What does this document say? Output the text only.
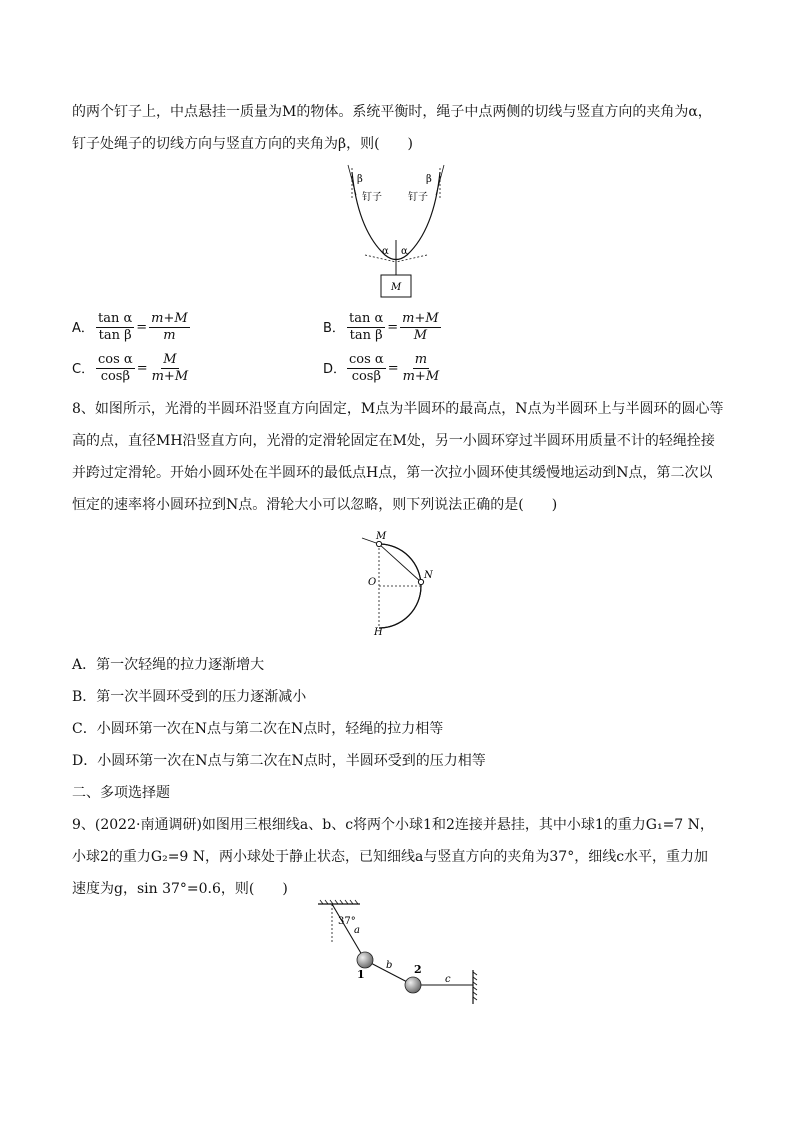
的两个钉子上，中点悬挂一质量为M的物体。系统平衡时，绳子中点两侧的切线与竖直方向的夹角为α，
钉子处绳子的切线方向与竖直方向的夹角为β，则(　　)
β	β
钉子	钉子
α α
M
A． $\frac{\text{tan α}}{\text{tan β}} = \frac{m+M}{m}$	B． $\frac{\text{tan α}}{\text{tan β}} = \frac{m+M}{M}$
C． $\frac{\text{cos α}}{\cos\beta} = \frac{M}{m+M}$	D． $\frac{\text{cos α}}{\cos\beta} = \frac{m}{m+M}$
8、如图所示，光滑的半圆环沿竖直方向固定，M点为半圆环的最高点，N点为半圆环上与半圆环的圆心等
高的点，直径MH沿竖直方向，光滑的定滑轮固定在M处，另一小圆环穿过半圆环用质量不计的轻绳拴接
并跨过定滑轮。开始小圆环处在半圆环的最低点H点，第一次拉小圆环使其缓慢地运动到N点，第二次以
恒定的速率将小圆环拉到N点。滑轮大小可以忽略，则下列说法正确的是(　　)
M
O
N
H
A．第一次轻绳的拉力逐渐增大
B．第一次半圆环受到的压力逐渐减小
C．小圆环第一次在N点与第二次在N点时，轻绳的拉力相等
D．小圆环第一次在N点与第二次在N点时，半圆环受到的压力相等
二、多项选择题
9、(2022·南通调研)如图用三根细线a、b、c将两个小球1和2连接并悬挂，其中小球1的重力G₁=7 N，
小球2的重力G₂=9 N，两小球处于静止状态，已知细线a与竖直方向的夹角为37°，细线c水平，重力加
速度为g，sin 37°=0.6，则(　　)
37°
a
b
c
1	2
